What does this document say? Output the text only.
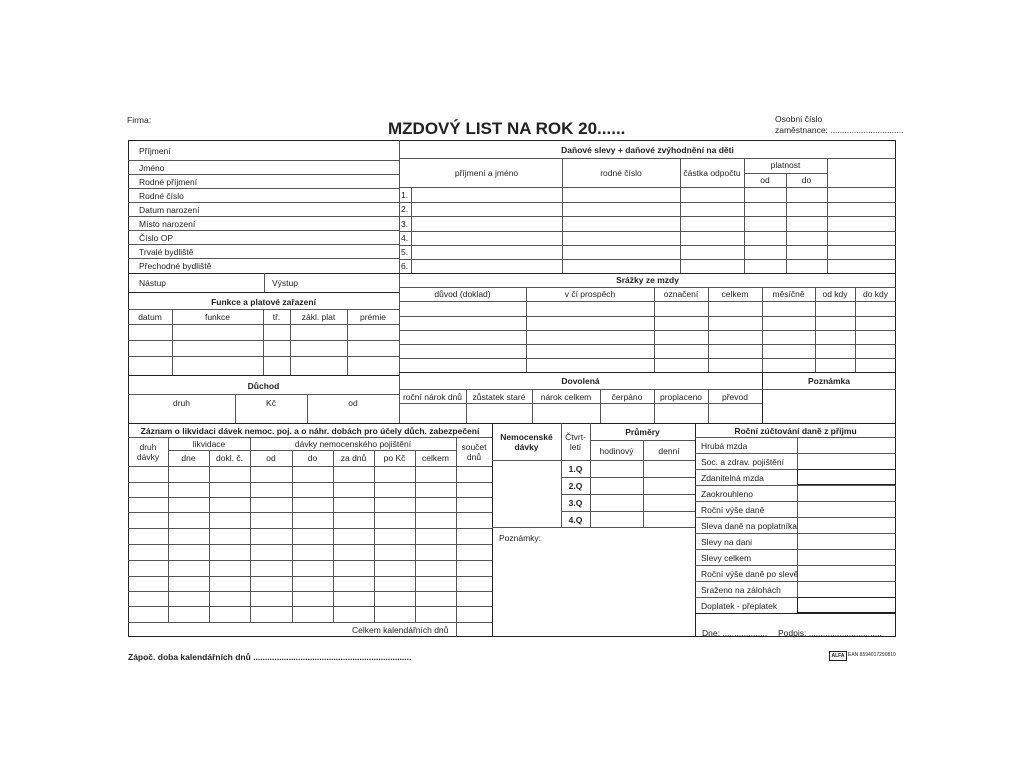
Firma:	MZDOVÝ LIST NA ROK 20......	Osobní číslo
zaměstnance: ...............................
Příjmení
Jméno
Rodné příjmení
Rodné číslo
Datum narození
Místo narození
Číslo OP
Trvalé bydliště
Přechodné bydliště
Nástup	Výstup
Funkce a platové zařazení
datum	funkce	tř.	zákl. plat	prémie
Důchod
druh	Kč	od
Daňové slevy + daňové zvýhodnění na děti
příjmení a jméno	rodné číslo	částka odpočtu
platnost
od	do
1.
2.
3.
4.
5.
6.
Srážky ze mzdy
důvod (doklad)	v čí prospěch	označení	celkem	měsíčně	od kdy	do kdy
Dovolená	Poznámka
roční nárok dnů	zůstatek staré	nárok celkem	čerpáno	proplaceno	převod
Záznam o likvidaci dávek nemoc. poj. a o náhr. dobách pro účely důch. zabezpečení
druh
dávky
likvidace	dávky nemocenského pojištění	součet
dnů
dne	dokl. č.	od	do	za dnů	po Kč	celkem
Celkem kalendářních dnů
Nemocenské
dávky
Čtvrt-
letí
Průměry
hodinový	denní
1.Q
2.Q
3.Q
4.Q
Poznámky:
Roční zúčtování daně z příjmu
Hrubá mzda
Soc. a zdrav. pojištění
Zdanitelná mzda
Zaokrouhleno
Roční výše daně
Sleva daně na poplatníka
Slevy na dani
Slevy celkem
Roční výše daně po slevě
Sraženo na zálohách
Doplatek - přeplatek
Dne: ................... Podpis: ...............................
Zápoč. doba kalendářních dnů ...................................................................	ALFA EAN 8594017290810
